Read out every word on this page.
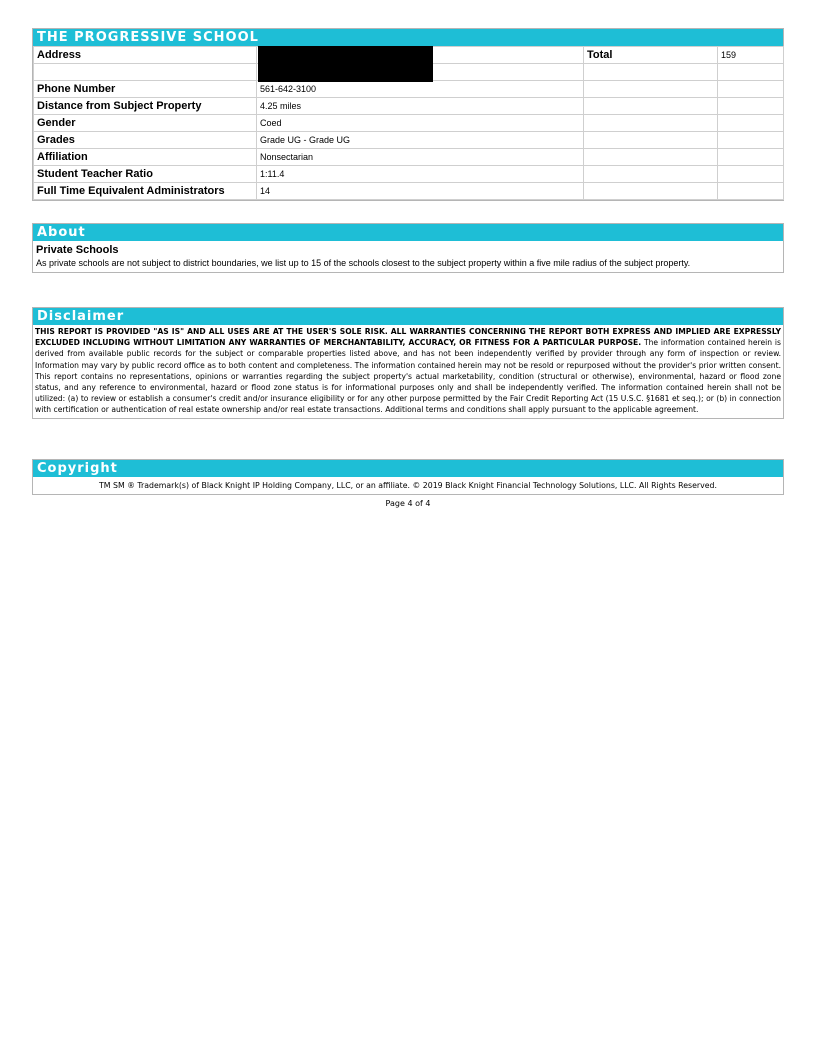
THE PROGRESSIVE SCHOOL
Address		Total	159

Phone Number	561-642-3100		
Distance from Subject Property	4.25 miles		
Gender	Coed		
Grades	Grade UG - Grade UG		
Affiliation	Nonsectarian		
Student Teacher Ratio	1:11.4		
Full Time Equivalent Administrators	14		
About
Private Schools
As private schools are not subject to district boundaries, we list up to 15 of the schools closest to the subject property within a five mile radius of the subject property.
Disclaimer
THIS REPORT IS PROVIDED "AS IS" AND ALL USES ARE AT THE USER'S SOLE RISK. ALL WARRANTIES CONCERNING THE REPORT BOTH EXPRESS AND IMPLIED ARE EXPRESSLY EXCLUDED INCLUDING WITHOUT LIMITATION ANY WARRANTIES OF MERCHANTABILITY, ACCURACY, OR FITNESS FOR A PARTICULAR PURPOSE. The information contained herein is derived from available public records for the subject or comparable properties listed above, and has not been independently verified by provider through any form of inspection or review. Information may vary by public record office as to both content and completeness. The information contained herein may not be resold or repurposed without the provider's prior written consent. This report contains no representations, opinions or warranties regarding the subject property's actual marketability, condition (structural or otherwise), environmental, hazard or flood zone status, and any reference to environmental, hazard or flood zone status is for informational purposes only and shall be independently verified. The information contained herein shall not be utilized: (a) to review or establish a consumer's credit and/or insurance eligibility or for any other purpose permitted by the Fair Credit Reporting Act (15 U.S.C. §1681 et seq.); or (b) in connection with certification or authentication of real estate ownership and/or real estate transactions. Additional terms and conditions shall apply pursuant to the applicable agreement.
Copyright
TM SM ® Trademark(s) of Black Knight IP Holding Company, LLC, or an affiliate. © 2019 Black Knight Financial Technology Solutions, LLC. All Rights Reserved.
Page 4 of 4
